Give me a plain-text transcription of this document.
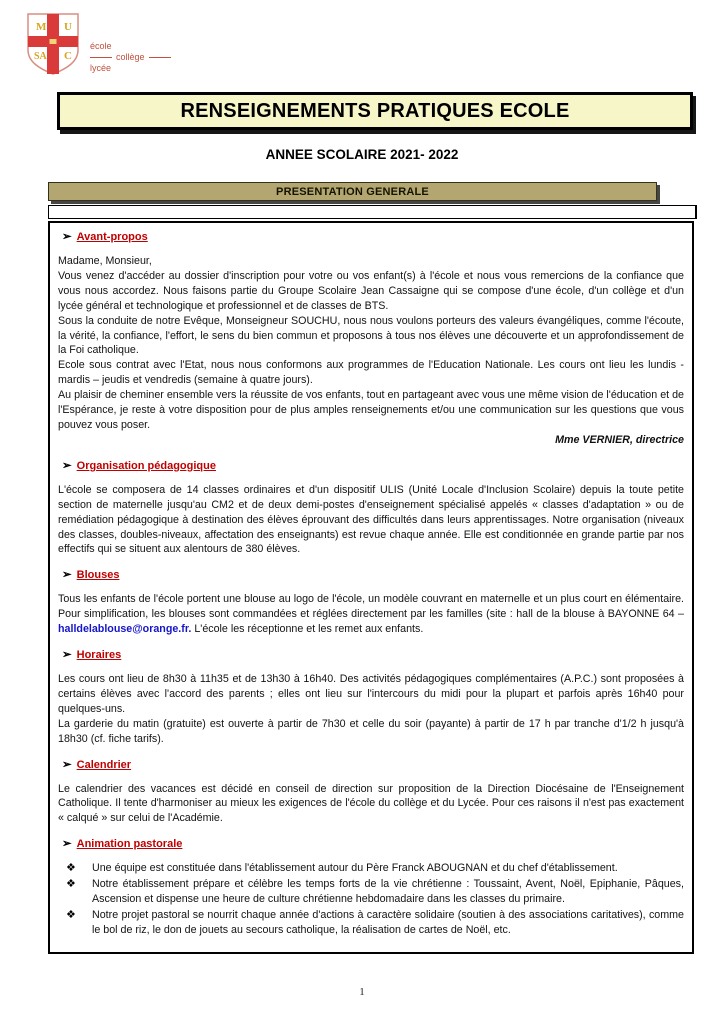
M U
SA C
école
collège
lycée
RENSEIGNEMENTS PRATIQUES ECOLE
ANNEE SCOLAIRE 2021- 2022
PRESENTATION GENERALE
➢ Avant-propos
Madame, Monsieur,
Vous venez d'accéder au dossier d'inscription pour votre ou vos enfant(s) à l'école et nous vous remercions de la confiance que vous nous accordez. Nous faisons partie du Groupe Scolaire Jean Cassaigne qui se compose d'une école, d'un collège et d'un lycée général et technologique et professionnel et de classes de BTS.
Sous la conduite de notre Evêque, Monseigneur SOUCHU, nous nous voulons porteurs des valeurs évangéliques, comme l'écoute, la vérité, la confiance, l'effort, le sens du bien commun et proposons à tous nos élèves une découverte et un approfondissement de la Foi catholique.
Ecole sous contrat avec l'Etat, nous nous conformons aux programmes de l'Education Nationale. Les cours ont lieu les lundis - mardis – jeudis et vendredis (semaine à quatre jours).
Au plaisir de cheminer ensemble vers la réussite de vos enfants, tout en partageant avec vous une même vision de l'éducation et de l'Espérance, je reste à votre disposition pour de plus amples renseignements et/ou une communication sur les questions que vous pouvez vous poser.
Mme VERNIER, directrice
➢ Organisation pédagogique
L'école se composera de 14 classes ordinaires et d'un dispositif ULIS (Unité Locale d'Inclusion Scolaire) depuis la toute petite section de maternelle jusqu'au CM2 et de deux demi-postes d'enseignement spécialisé appelés « classes d'adaptation » ou de remédiation pédagogique à destination des élèves éprouvant des difficultés dans leurs apprentissages. Notre organisation (niveaux des classes, doubles-niveaux, affectation des enseignants) est revue chaque année. Elle est conditionnée en grande partie par nos effectifs qui se situent aux alentours de 380 élèves.
➢ Blouses
Tous les enfants de l'école portent une blouse au logo de l'école, un modèle couvrant en maternelle et un plus court en élémentaire. Pour simplification, les blouses sont commandées et réglées directement par les familles (site : hall de la blouse à BAYONNE 64 – halldelablouse@orange.fr. L'école les réceptionne et les remet aux enfants.
➢ Horaires
Les cours ont lieu de 8h30 à 11h35 et de 13h30 à 16h40. Des activités pédagogiques complémentaires (A.P.C.) sont proposées à certains élèves avec l'accord des parents ; elles ont lieu sur l'intercours du midi pour la plupart et parfois après 16h40 pour quelques-uns.
La garderie du matin (gratuite) est ouverte à partir de 7h30 et celle du soir (payante) à partir de 17 h par tranche d'1/2 h jusqu'à 18h30 (cf. fiche tarifs).
➢ Calendrier
Le calendrier des vacances est décidé en conseil de direction sur proposition de la Direction Diocésaine de l'Enseignement Catholique. Il tente d'harmoniser au mieux les exigences de l'école du collège et du Lycée. Pour ces raisons il n'est pas exactement « calqué » sur celui de l'Académie.
➢ Animation pastorale
❖	Une équipe est constituée dans l'établissement autour du Père Franck ABOUGNAN et du chef d'établissement.
❖	Notre établissement prépare et célèbre les temps forts de la vie chrétienne : Toussaint, Avent, Noël, Epiphanie, Pâques, Ascension et dispense une heure de culture chrétienne hebdomadaire dans les classes du primaire.
❖	Notre projet pastoral se nourrit chaque année d'actions à caractère solidaire (soutien à des associations caritatives), comme le bol de riz, le don de jouets au secours catholique, la réalisation de cartes de Noël, etc.
1
